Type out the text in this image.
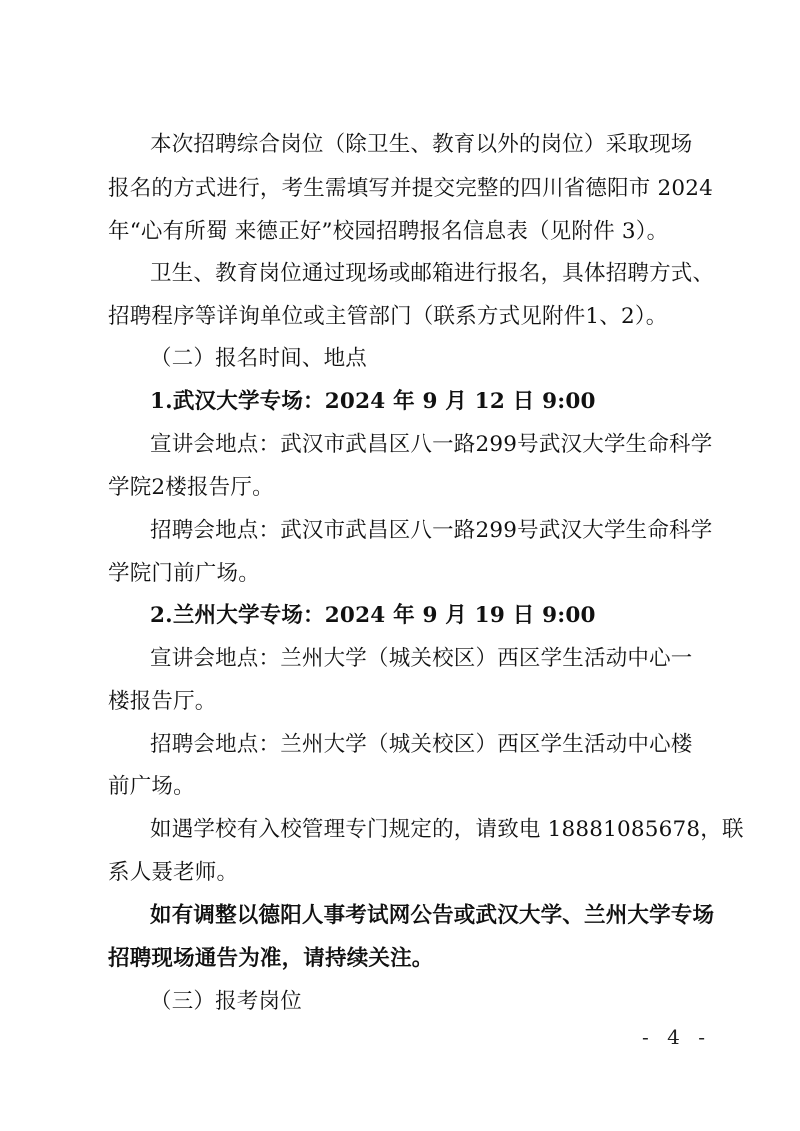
本次招聘综合岗位（除卫生、教育以外的岗位）采取现场
报名的方式进行，考生需填写并提交完整的四川省德阳市 2024
年“心有所蜀 来德正好”校园招聘报名信息表（见附件 3）。
卫生、教育岗位通过现场或邮箱进行报名，具体招聘方式、
招聘程序等详询单位或主管部门（联系方式见附件1、2）。
（二）报名时间、地点
1.武汉大学专场：2024 年 9 月 12 日 9:00
宣讲会地点：武汉市武昌区八一路299号武汉大学生命科学
学院2楼报告厅。
招聘会地点：武汉市武昌区八一路299号武汉大学生命科学
学院门前广场。
2.兰州大学专场：2024 年 9 月 19 日 9:00
宣讲会地点：兰州大学（城关校区）西区学生活动中心一
楼报告厅。
招聘会地点：兰州大学（城关校区）西区学生活动中心楼
前广场。
如遇学校有入校管理专门规定的，请致电 18881085678，联
系人聂老师。
如有调整以德阳人事考试网公告或武汉大学、兰州大学专场
招聘现场通告为准，请持续关注。
（三）报考岗位
- 4 -
